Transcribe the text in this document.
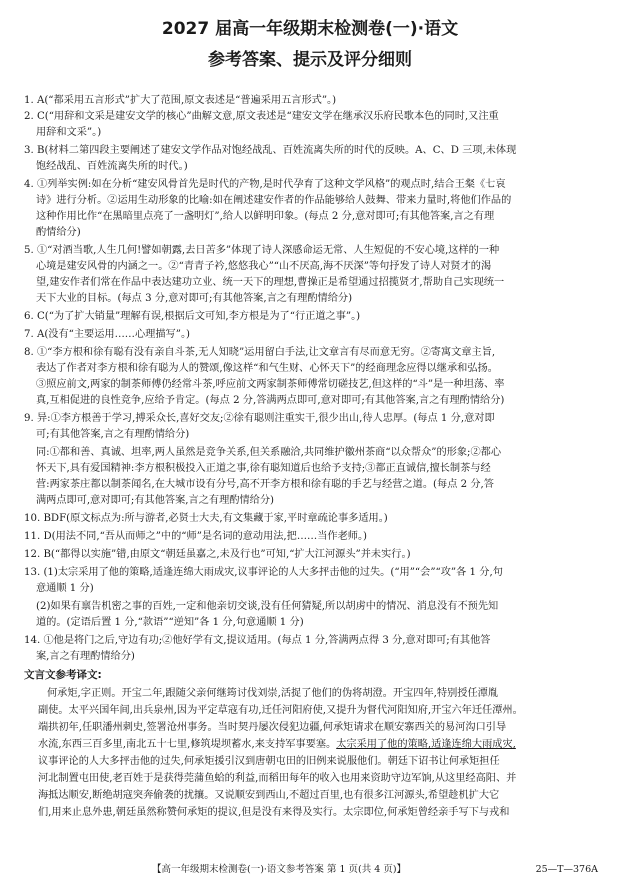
2027 届高一年级期末检测卷(一)·语文
参考答案、提示及评分细则
1. A(“都采用五言形式”扩大了范围,原文表述是“普遍采用五言形式”。)
2. C(“用辞和文采是建安文学的核心”曲解文意,原文表述是“建安文学在继承汉乐府民歌本色的同时,又注重
用辞和文采”。)
3. B(材料二第四段主要阐述了建安文学作品对饱经战乱、百姓流离失所的时代的反映。A、C、D 三项,未体现
饱经战乱、百姓流离失所的时代。)
4. ①列举实例:如在分析“建安风骨首先是时代的产物,是时代孕育了这种文学风格”的观点时,结合王粲《七哀
诗》进行分析。②运用生动形象的比喻:如在阐述建安作者的作品能够给人鼓舞、带来力量时,将他们作品的
这种作用比作“在黑暗里点亮了一盏明灯”,给人以鲜明印象。(每点 2 分,意对即可;有其他答案,言之有理
酌情给分)
5. ①“对酒当歌,人生几何!譬如朝露,去日苦多”体现了诗人深感命运无常、人生短促的不安心境,这样的一种
心境是建安风骨的内涵之一。②“青青子衿,悠悠我心”“山不厌高,海不厌深”等句抒发了诗人对贤才的渴
望,建安作者们常在作品中表达建功立业、统一天下的理想,曹操正是希望通过招揽贤才,帮助自己实现统一
天下大业的目标。(每点 3 分,意对即可;有其他答案,言之有理酌情给分)
6. C(“为了扩大销量”理解有误,根据后文可知,李方根是为了“行正道之事”。)
7. A(没有“主要运用……心理描写”。)
8. ①“李方根和徐有聪有没有亲自斗茶,无人知晓”运用留白手法,让文章言有尽而意无穷。②寄寓文章主旨,
表达了作者对李方根和徐有聪为人的赞颂,像这样“和气生财、心怀天下”的经商理念应得以继承和弘扬。
③照应前文,两家的制茶师傅仍经常斗茶,呼应前文两家制茶师傅常切磋技艺,但这样的“斗”是一种坦荡、率
真,互相促进的良性竞争,应给予肯定。(每点 2 分,答满两点即可,意对即可;有其他答案,言之有理酌情给分)
9. 异:①李方根善于学习,搏采众长,喜好交友;②徐有聪则注重实干,很少出山,待人忠厚。(每点 1 分,意对即
可;有其他答案,言之有理酌情给分)
同:①都和善、真诚、坦率,两人虽然是竞争关系,但关系融洽,共同维护徽州茶商“以众帮众”的形象;②都心
怀天下,具有爱国精神:李方根积极投入正道之事,徐有聪知道后也给予支持;③都正直诚信,擅长制茶与经
营:两家茶庄都以制茶闻名,在大城市设有分号,高不开李方根和徐有聪的手艺与经营之道。(每点 2 分,答
满两点即可,意对即可;有其他答案,言之有理酌情给分)
10. BDF(原文标点为:所与游者,必贤士大夫,有文集藏于家,平时章疏论事多适用。)
11. D(用法不同,“吾从而师之”中的“师”是名词的意动用法,把……当作老师。)
12. B(“都得以实施”错,由原文“朝廷虽嘉之,未及行也”可知,“扩大江河源头”并未实行。)
13. (1)太宗采用了他的策略,适逢连绵大雨成灾,议事评论的人大多抨击他的过失。(“用”“会”“攻”各 1 分,句
意通顺 1 分)
(2)如果有禀告机密之事的百姓,一定和他亲切交谈,没有任何猜疑,所以胡虏中的情况、消息没有不预先知
道的。(定语后置 1 分,“款语”“逆知”各 1 分,句意通顺 1 分)
14. ①他是将门之后,守边有功;②他好学有文,提议适用。(每点 1 分,答满两点得 3 分,意对即可;有其他答
案,言之有理酌情给分)
文言文参考译文:
何承矩,字正则。开宝二年,跟随父亲何继筠讨伐刘崇,活捉了他们的伪将胡澄。开宝四年,特别授任潭胤
副使。太平兴国年间,出兵泉州,因为平定草寇有功,迁任河阳府使,又提升为督代河阳知府,开宝六年迁任潭州。
端拱初年,任职潘州刺史,签署沧州事务。当时契丹屡次侵犯边疆,何承矩请求在顺安寨西关的易河沟口引导
水流,东西三百多里,南北五十七里,修筑堤坝蓄水,来支持军事要塞。太宗采用了他的策略,适逢连绵大雨成灾,
议事评论的人大多抨击他的过失,何承矩援引汉到唐朝屯田的旧例来说服他们。朝廷下诏书让何承矩担任
河北制置屯田使,老百姓于是获得莞蒲鱼蛤的利益,而稻田每年的收入也用来资助守边军饷,从这里经高阳、并
海抵达顺安,断绝胡寇突奔偷袭的扰攘。又说顺安到西山,不超过百里,也有很多江河源头,希望趁机扩大它
们,用来止息外患,朝廷虽然称赞何承矩的提议,但是没有来得及实行。太宗即位,何承矩曾经亲手写下与戎和
【高一年级期末检测卷(一)·语文参考答案 第 1 页(共 4 页)】	25—T—376A
